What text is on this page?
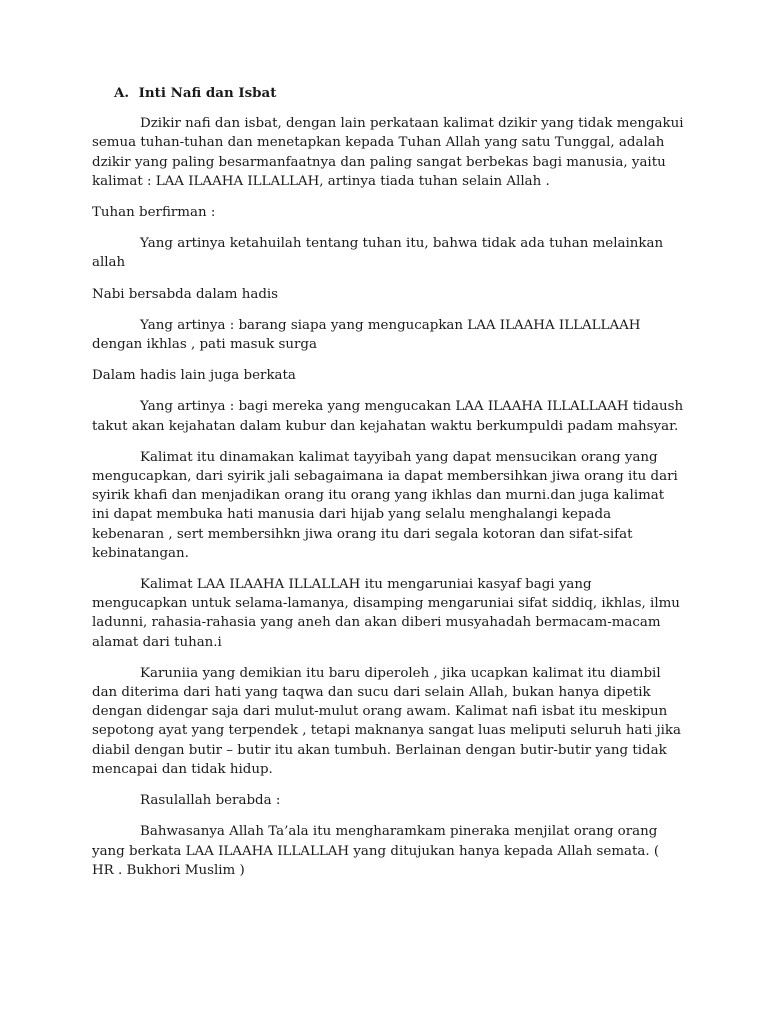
A. Inti Nafi dan Isbat

Dzikir nafi dan isbat, dengan lain perkataan kalimat dzikir yang tidak mengakui semua tuhan-tuhan dan menetapkan kepada Tuhan Allah yang satu Tunggal, adalah dzikir yang paling besarmanfaatnya dan paling sangat berbekas bagi manusia, yaitu kalimat : LAA ILAAHA ILLALLAH, artinya tiada tuhan selain Allah .

Tuhan berfirman :

Yang artinya ketahuilah tentang tuhan itu, bahwa tidak ada tuhan melainkan allah

Nabi bersabda dalam hadis

Yang artinya : barang siapa yang mengucapkan LAA ILAAHA ILLALLAAH dengan ikhlas , pati masuk surga

Dalam hadis lain juga berkata

Yang artinya : bagi mereka yang mengucakan LAA ILAAHA ILLALLAAH tidaush takut akan kejahatan dalam kubur dan kejahatan waktu berkumpuldi padam mahsyar.

Kalimat itu dinamakan kalimat tayyibah yang dapat mensucikan orang yang mengucapkan, dari syirik jali sebagaimana ia dapat membersihkan jiwa orang itu dari syirik khafi dan menjadikan orang itu orang yang ikhlas dan murni.dan juga kalimat ini dapat membuka hati manusia dari hijab yang selalu menghalangi kepada kebenaran , sert membersihkn jiwa orang itu dari segala kotoran dan sifat-sifat kebinatangan.

Kalimat LAA ILAAHA ILLALLAH itu mengaruniai kasyaf bagi yang mengucapkan untuk selama-lamanya, disamping mengaruniai sifat siddiq, ikhlas, ilmu ladunni, rahasia-rahasia yang aneh dan akan diberi musyahadah bermacam-macam alamat dari tuhan.i

Karuniia yang demikian itu baru diperoleh , jika ucapkan kalimat itu diambil dan diterima dari hati yang taqwa dan sucu dari selain Allah, bukan hanya dipetik dengan didengar saja dari mulut-mulut orang awam. Kalimat nafi isbat itu meskipun sepotong ayat yang terpendek , tetapi maknanya sangat luas meliputi seluruh hati jika diabil dengan butir – butir itu akan tumbuh. Berlainan dengan butir-butir yang tidak mencapai dan tidak hidup.

Rasulallah berabda :

Bahwasanya Allah Ta’ala itu mengharamkam pineraka menjilat orang orang yang berkata LAA ILAAHA ILLALLAH yang ditujukan hanya kepada Allah semata. ( HR . Bukhori Muslim )
